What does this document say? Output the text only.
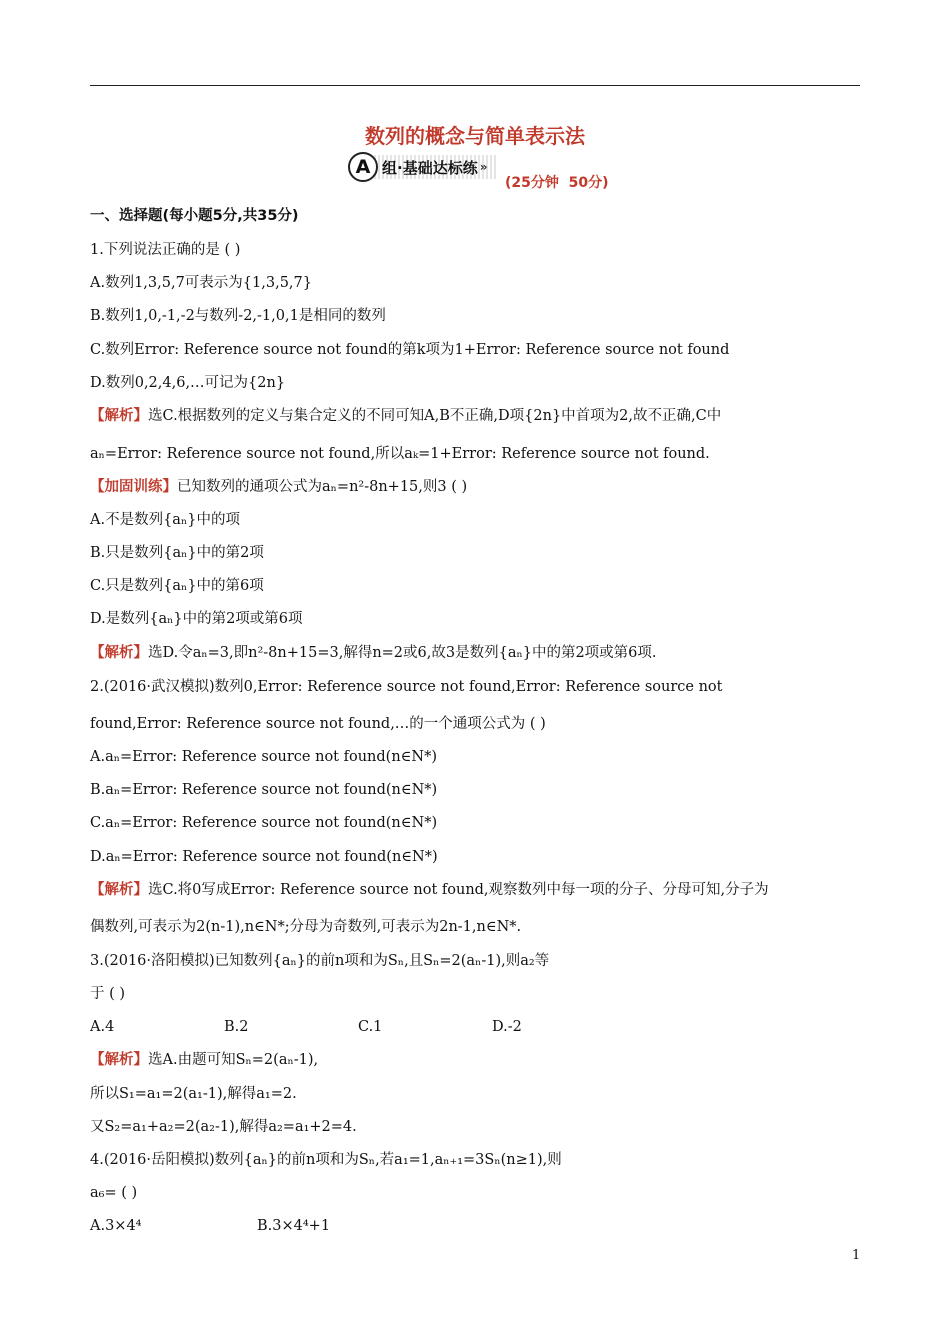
数列的概念与简单表示法
A 组·基础达标练 »
(25分钟  50分)
一、选择题(每小题5分,共35分)
1.下列说法正确的是 ( )
A.数列1,3,5,7可表示为{1,3,5,7}
B.数列1,0,-1,-2与数列-2,-1,0,1是相同的数列
C.数列Error: Reference source not found的第k项为1+Error: Reference source not found
D.数列0,2,4,6,…可记为{2n}
【解析】选C.根据数列的定义与集合定义的不同可知A,B不正确,D项{2n}中首项为2,故不正确,C中
aₙ=Error: Reference source not found,所以aₖ=1+Error: Reference source not found.
【加固训练】已知数列的通项公式为aₙ=n²-8n+15,则3 ( )
A.不是数列{aₙ}中的项
B.只是数列{aₙ}中的第2项
C.只是数列{aₙ}中的第6项
D.是数列{aₙ}中的第2项或第6项
【解析】选D.令aₙ=3,即n²-8n+15=3,解得n=2或6,故3是数列{aₙ}中的第2项或第6项.
2.(2016·武汉模拟)数列0,Error: Reference source not found,Error: Reference source not
found,Error: Reference source not found,…的一个通项公式为 ( )
A.aₙ=Error: Reference source not found(n∈N*)
B.aₙ=Error: Reference source not found(n∈N*)
C.aₙ=Error: Reference source not found(n∈N*)
D.aₙ=Error: Reference source not found(n∈N*)
【解析】选C.将0写成Error: Reference source not found,观察数列中每一项的分子、分母可知,分子为
偶数列,可表示为2(n-1),n∈N*;分母为奇数列,可表示为2n-1,n∈N*.
3.(2016·洛阳模拟)已知数列{aₙ}的前n项和为Sₙ,且Sₙ=2(aₙ-1),则a₂等
于 ( )
A.4	B.2	C.1	D.-2
【解析】选A.由题可知Sₙ=2(aₙ-1),
所以S₁=a₁=2(a₁-1),解得a₁=2.
又S₂=a₁+a₂=2(a₂-1),解得a₂=a₁+2=4.
4.(2016·岳阳模拟)数列{aₙ}的前n项和为Sₙ,若a₁=1,aₙ₊₁=3Sₙ(n≥1),则
a₆= ( )
A.3×4⁴	B.3×4⁴+1
1
